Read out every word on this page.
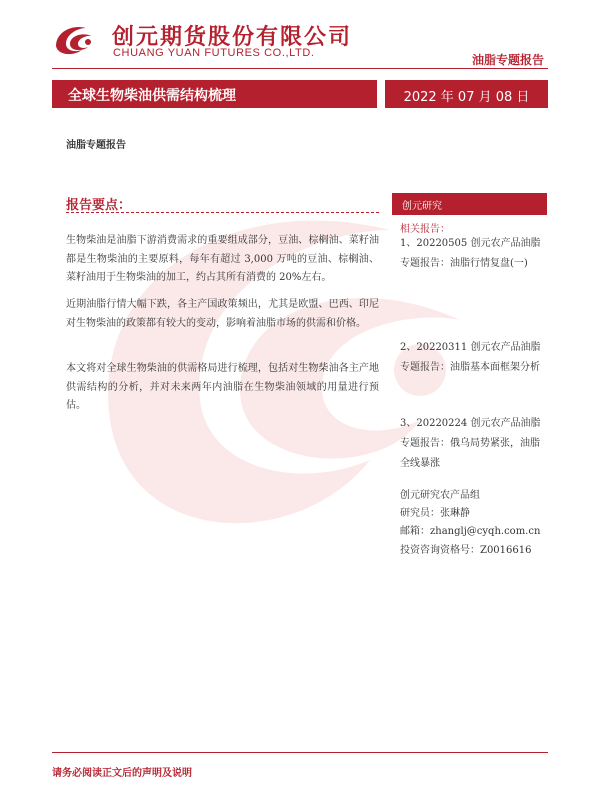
创元期货股份有限公司
CHUANG YUAN FUTURES CO.,LTD.	油脂专题报告
全球生物柴油供需结构梳理	2022 年 07 月 08 日
油脂专题报告
报告要点：

生物柴油是油脂下游消费需求的重要组成部分，豆油、棕榈油、菜籽油都是生物柴油的主要原料，每年有超过 3,000 万吨的豆油、棕榈油、菜籽油用于生物柴油的加工，约占其所有消费的 20%左右。

近期油脂行情大幅下跌，各主产国政策频出，尤其是欧盟、巴西、印尼对生物柴油的政策都有较大的变动，影响着油脂市场的供需和价格。

本文将对全球生物柴油的供需格局进行梳理，包括对生物柴油各主产地供需结构的分析，并对未来两年内油脂在生物柴油领域的用量进行预估。

创元研究
相关报告：

1、20220505 创元农产品油脂专题报告：油脂行情复盘(一)

2、20220311 创元农产品油脂专题报告：油脂基本面框架分析

3、20220224 创元农产品油脂专题报告：俄乌局势紧张，油脂全线暴涨

创元研究农产品组
研究员：张琳静
邮箱：zhanglj@cyqh.com.cn
投资咨询资格号：Z0016616
请务必阅读正文后的声明及说明
